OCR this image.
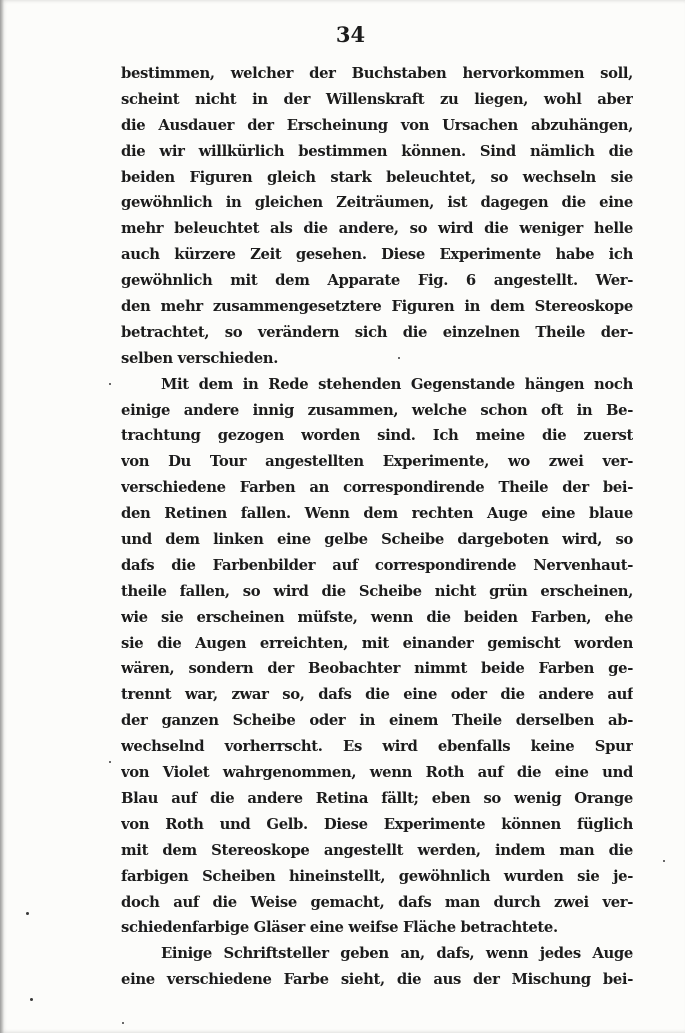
34
bestimmen, welcher der Buchstaben hervorkommen soll,
scheint nicht in der Willenskraft zu liegen, wohl aber
die Ausdauer der Erscheinung von Ursachen abzuhängen,
die wir willkürlich bestimmen können. Sind nämlich die
beiden Figuren gleich stark beleuchtet, so wechseln sie
gewöhnlich in gleichen Zeiträumen, ist dagegen die eine
mehr beleuchtet als die andere, so wird die weniger helle
auch kürzere Zeit gesehen. Diese Experimente habe ich
gewöhnlich mit dem Apparate Fig. 6 angestellt. Wer-
den mehr zusammengesetztere Figuren in dem Stereoskope
betrachtet, so verändern sich die einzelnen Theile der-
selben verschieden.
Mit dem in Rede stehenden Gegenstande hängen noch
einige andere innig zusammen, welche schon oft in Be-
trachtung gezogen worden sind. Ich meine die zuerst
von Du Tour angestellten Experimente, wo zwei ver-
verschiedene Farben an correspondirende Theile der bei-
den Retinen fallen. Wenn dem rechten Auge eine blaue
und dem linken eine gelbe Scheibe dargeboten wird, so
dafs die Farbenbilder auf correspondirende Nervenhaut-
theile fallen, so wird die Scheibe nicht grün erscheinen,
wie sie erscheinen müfste, wenn die beiden Farben, ehe
sie die Augen erreichten, mit einander gemischt worden
wären, sondern der Beobachter nimmt beide Farben ge-
trennt war, zwar so, dafs die eine oder die andere auf
der ganzen Scheibe oder in einem Theile derselben ab-
wechselnd vorherrscht. Es wird ebenfalls keine Spur
von Violet wahrgenommen, wenn Roth auf die eine und
Blau auf die andere Retina fällt; eben so wenig Orange
von Roth und Gelb. Diese Experimente können füglich
mit dem Stereoskope angestellt werden, indem man die
farbigen Scheiben hineinstellt, gewöhnlich wurden sie je-
doch auf die Weise gemacht, dafs man durch zwei ver-
schiedenfarbige Gläser eine weifse Fläche betrachtete.
Einige Schriftsteller geben an, dafs, wenn jedes Auge
eine verschiedene Farbe sieht, die aus der Mischung bei-
